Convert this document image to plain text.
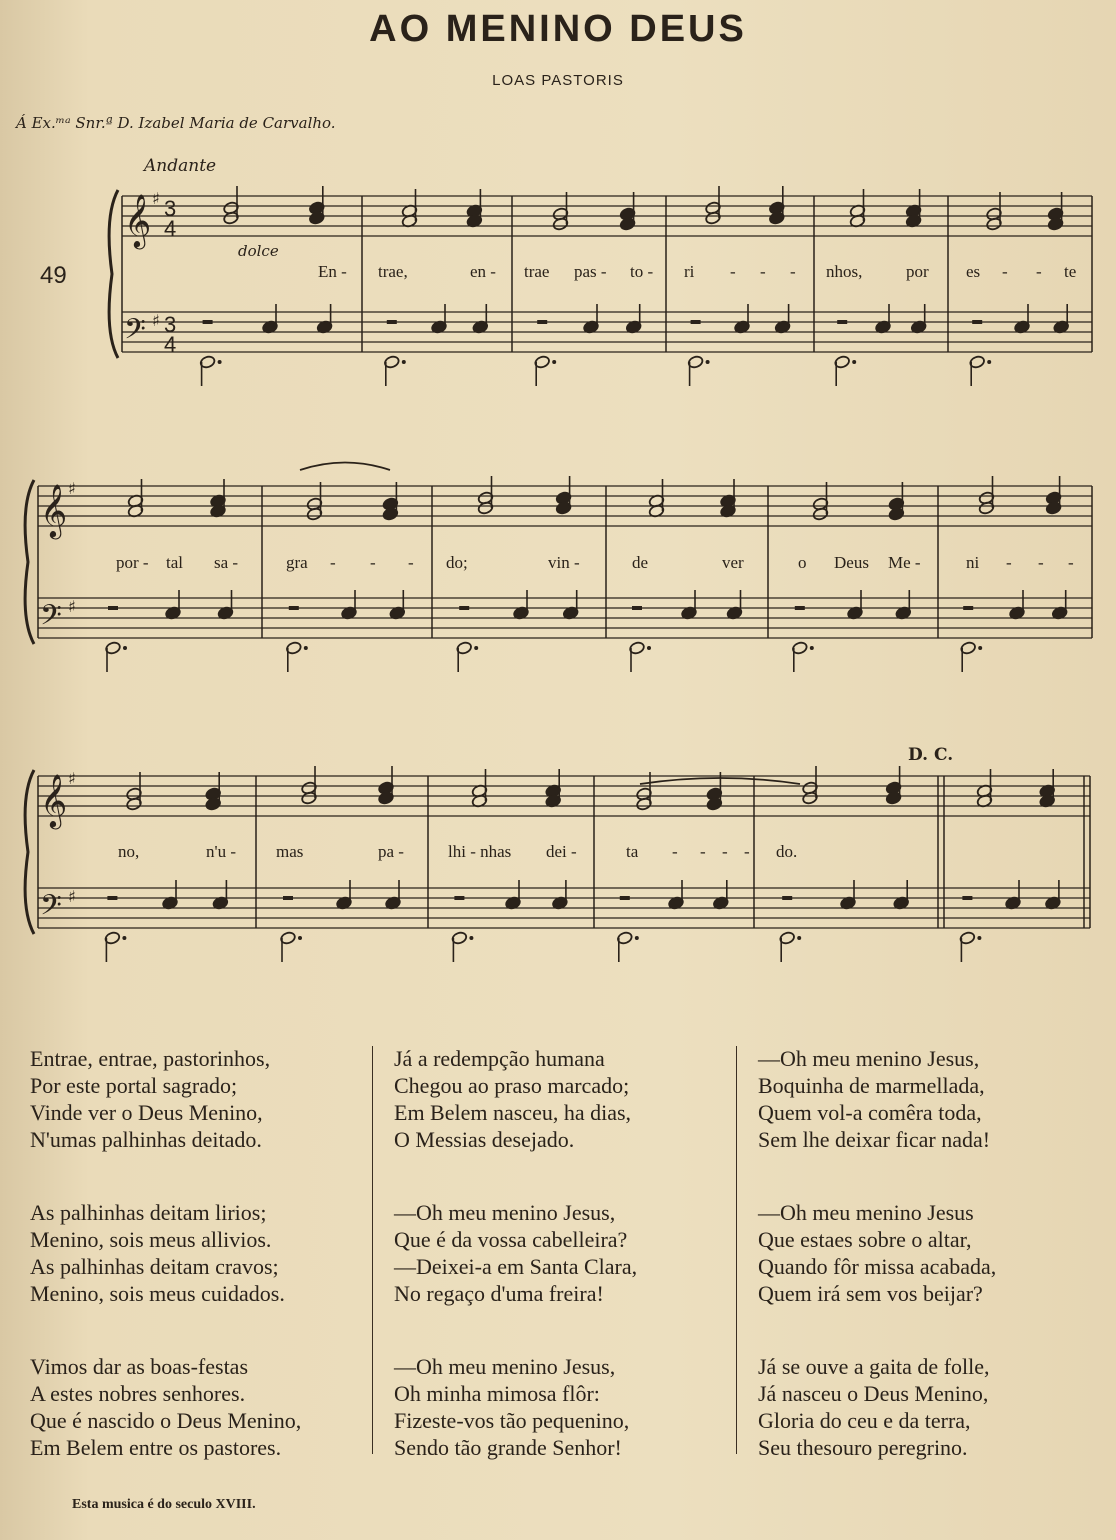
AO MENINO DEUS
LOAS PASTORIS
Á Ex.ᵐᵃ Snr.ª D. Izabel Maria de Carvalho.
Andante
dolce
49
D. C.
𝄞
𝄢
♯
♯
3
4
3
4
𝄞
𝄢
♯
♯
𝄞
𝄢
♯
♯
En - trae,	en - trae pas - to - ri - - - nhos,	por es - - te
por - tal sa -	gra - - - do;	vin -	de	ver	o Deus Me -	ni - - -
no,	n'u - mas	pa -	lhi - nhas dei -	ta - - - - do.
Entrae, entrae, pastorinhos,
Por este portal sagrado;
Vinde ver o Deus Menino,
N'umas palhinhas deitado.
As palhinhas deitam lirios;
Menino, sois meus allivios.
As palhinhas deitam cravos;
Menino, sois meus cuidados.
Vimos dar as boas-festas
A estes nobres senhores.
Que é nascido o Deus Menino,
Em Belem entre os pastores.
Já a redempção humana
Chegou ao praso marcado;
Em Belem nasceu, ha dias,
O Messias desejado.
—Oh meu menino Jesus,
Que é da vossa cabelleira?
—Deixei-a em Santa Clara,
No regaço d'uma freira!
—Oh meu menino Jesus,
Oh minha mimosa flôr:
Fizeste-vos tão pequenino,
Sendo tão grande Senhor!
—Oh meu menino Jesus,
Boquinha de marmellada,
Quem vol-a comêra toda,
Sem lhe deixar ficar nada!
—Oh meu menino Jesus
Que estaes sobre o altar,
Quando fôr missa acabada,
Quem irá sem vos beijar?
Já se ouve a gaita de folle,
Já nasceu o Deus Menino,
Gloria do ceu e da terra,
Seu thesouro peregrino.
Esta musica é do seculo XVIII.
